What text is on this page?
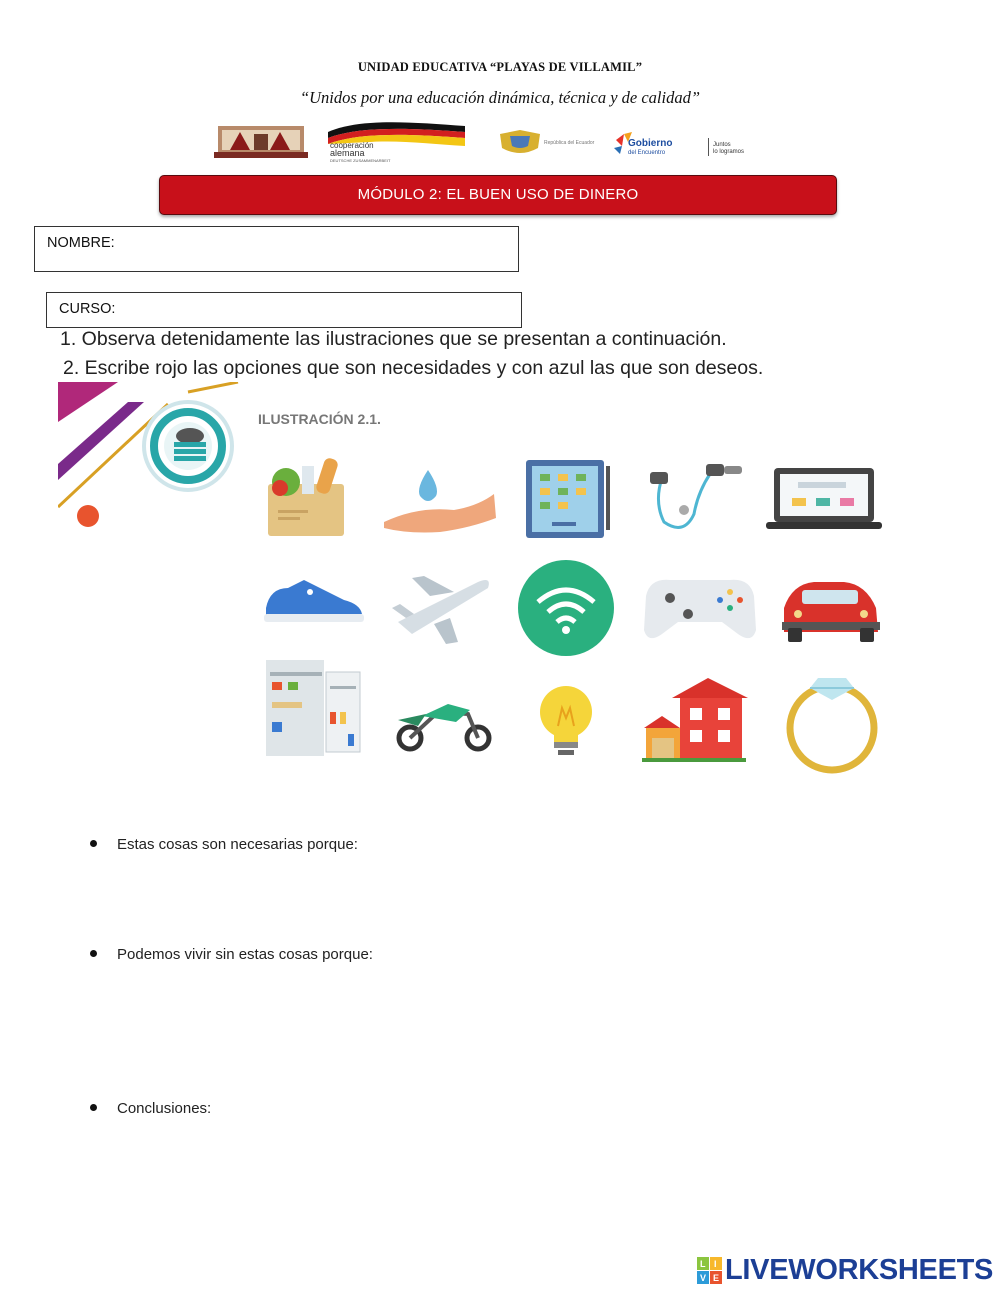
UNIDAD EDUCATIVA “PLAYAS DE VILLAMIL”
“Unidos por una educación dinámica, técnica y de calidad”
cooperación
alemana
DEUTSCHE ZUSAMMENARBEIT
República del Ecuador	Gobierno
del Encuentro
Juntos
lo logramos
MÓDULO 2: EL BUEN USO DE DINERO
NOMBRE:
CURSO:
1. Observa detenidamente las ilustraciones que se presentan a continuación.
2. Escribe rojo las opciones que son necesidades y con azul las que son deseos.
ILUSTRACIÓN 2.1.
Estas cosas son necesarias porque:
Podemos vivir sin estas cosas porque:
Conclusiones:
L I
V E LIVEWORKSHEETS
